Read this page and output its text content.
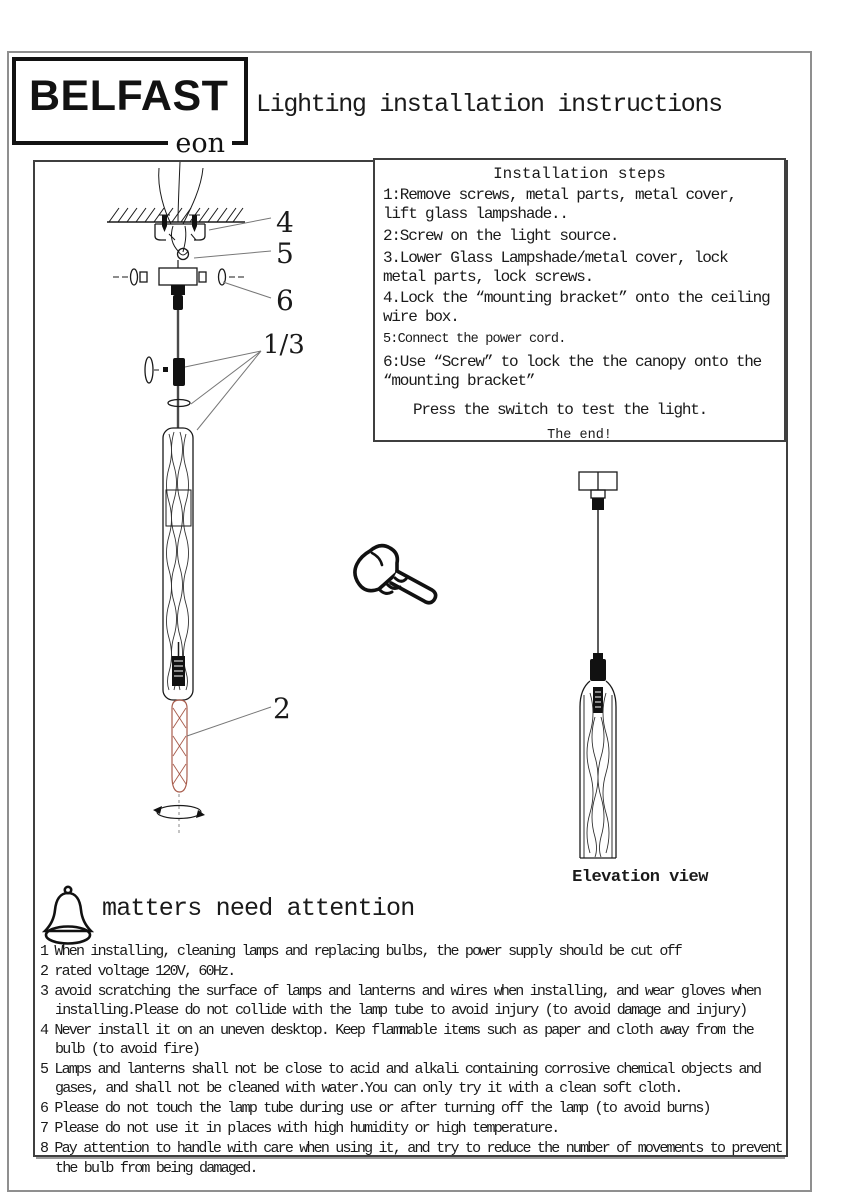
BELFAST
eon
Lighting installation instructions
4
5
6
1/3
2
Installation steps
1:Remove screws, metal parts, metal cover, lift glass lampshade..
2:Screw on the light source.
3.Lower Glass Lampshade/metal cover, lock metal parts, lock screws.
4.Lock the “mounting bracket” onto the ceiling wire box.
5:Connect the power cord.
6:Use “Screw” to lock the the canopy onto the “mounting bracket”
Press the switch to test the light.
The end!
Elevation view
matters need attention
1 When installing, cleaning lamps and replacing bulbs, the power supply should be cut off
2 rated voltage 120V, 60Hz.
3 avoid scratching the surface of lamps and lanterns and wires when installing, and wear gloves when installing.Please do not collide with the lamp tube to avoid injury (to avoid damage and injury)
4 Never install it on an uneven desktop. Keep flammable items such as paper and cloth away from the bulb (to avoid fire)
5 Lamps and lanterns shall not be close to acid and alkali containing corrosive chemical objects and gases, and shall not be cleaned with water.You can only try it with a clean soft cloth.
6 Please do not touch the lamp tube during use or after turning off the lamp (to avoid burns)
7 Please do not use it in places with high humidity or high temperature.
8 Pay attention to handle with care when using it, and try to reduce the number of movements to prevent the bulb from being damaged.
